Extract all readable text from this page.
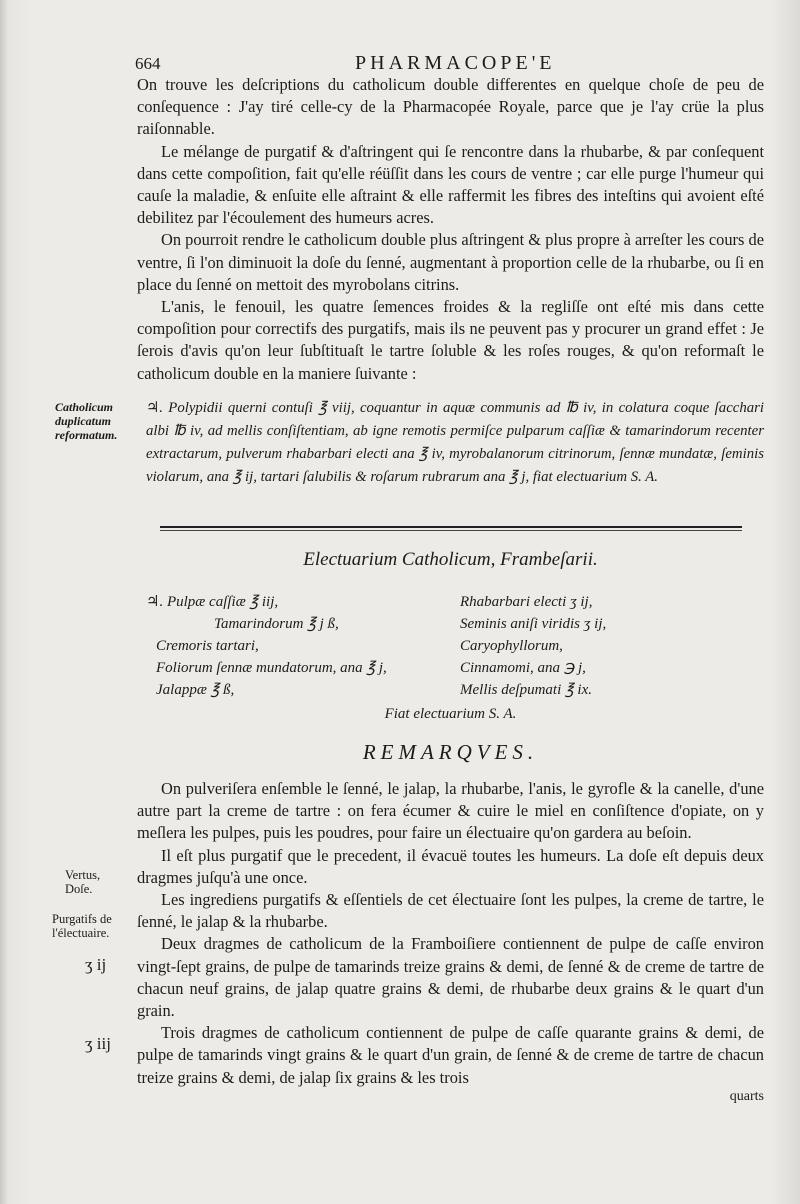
664	PHARMACOPE'E

On trouve les deſcriptions du catholicum double differentes en quelque choſe de peu de conſequence : J'ay tiré celle-cy de la Pharmacopée Royale, parce que je l'ay crüe la plus raiſonnable.

Le mélange de purgatif & d'aſtringent qui ſe rencontre dans la rhubarbe, & par conſequent dans cette compoſition, fait qu'elle réüſſit dans les cours de ventre ; car elle purge l'humeur qui cauſe la maladie, & enſuite elle aſtraint & elle raffermit les fibres des inteſtins qui avoient eſté debilitez par l'écoulement des humeurs acres.

On pourroit rendre le catholicum double plus aſtringent & plus propre à arreſter les cours de ventre, ſi l'on diminuoit la doſe du ſenné, augmentant à proportion celle de la rhubarbe, ou ſi en place du ſenné on mettoit des myrobolans citrins.

L'anis, le fenouil, les quatre ſemences froides & la regliſſe ont eſté mis dans cette compoſition pour correctifs des purgatifs, mais ils ne peuvent pas y procurer un grand effet : Je ſerois d'avis qu'on leur ſubſtituaſt le tartre ſoluble & les roſes rouges, & qu'on reformaſt le catholicum double en la maniere ſuivante :

Catholicum duplicatum reformatum.
♃. Polypidii querni contuſi ℥ viij, coquantur in aquæ communis ad ℔ iv, in colatura coque ſacchari albi ℔ iv, ad mellis conſiſtentiam, ab igne remotis permiſce pulparum caſſiæ & tamarindorum recenter extractarum, pulverum rhabarbari electi ana ℥ iv, myrobalanorum citrinorum, ſennæ mundatæ, ſeminis violarum, ana ℥ ij, tartari ſalubilis & roſarum rubrarum ana ℥ j, fiat electuarium S. A.
Electuarium Catholicum, Frambeſarii.
♃. Pulpæ caſſiæ ℥ iij,
Tamarindorum ℥ j ß,
Cremoris tartari,
Foliorum ſennæ mundatorum, ana ℥ j,
Jalappæ ℥ ß,
Rhabarbari electi ʒ ij,
Seminis aniſi viridis ʒ ij,
Caryophyllorum,
Cinnamomi, ana ℈ j,
Mellis deſpumati ℥ ix.
Fiat electuarium S. A.
REMARQVES.

On pulveriſera enſemble le ſenné, le jalap, la rhubarbe, l'anis, le gyrofle & la canelle, d'une autre part la creme de tartre : on fera écumer & cuire le miel en conſiſtence d'opiate, on y meſlera les pulpes, puis les poudres, pour faire un électuaire qu'on gardera au beſoin.

Il eſt plus purgatif que le precedent, il évacuë toutes les humeurs. La doſe eſt depuis deux dragmes juſqu'à une once.

Les ingrediens purgatifs & eſſentiels de cet électuaire ſont les pulpes, la creme de tartre, le ſenné, le jalap & la rhubarbe.

Deux dragmes de catholicum de la Framboiſiere contiennent de pulpe de caſſe environ vingt-ſept grains, de pulpe de tamarinds treize grains & demi, de ſenné & de creme de tartre de chacun neuf grains, de jalap quatre grains & demi, de rhubarbe deux grains & le quart d'un grain.

Trois dragmes de catholicum contiennent de pulpe de caſſe quarante grains & demi, de pulpe de tamarinds vingt grains & le quart d'un grain, de ſenné & de creme de tartre de chacun treize grains & demi, de jalap ſix grains & les trois

quarts
Vertus, Doſe.
Purgatifs de l'électuaire.
ʒ ij
ʒ iij
